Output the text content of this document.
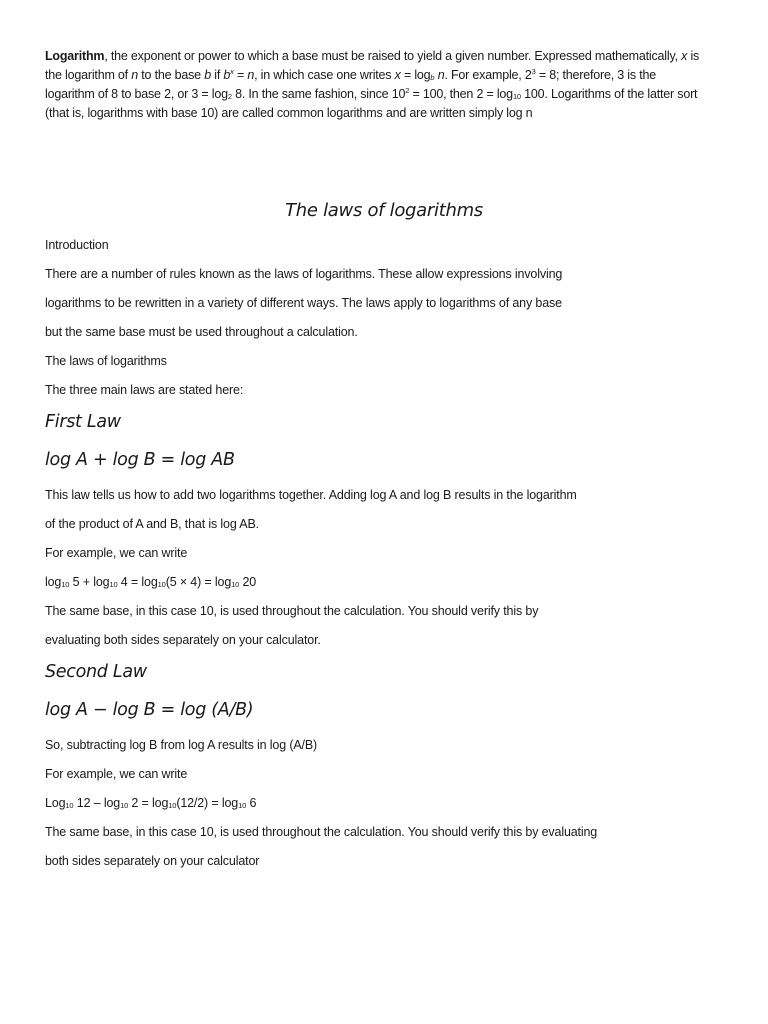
Logarithm, the exponent or power to which a base must be raised to yield a given number. Expressed mathematically, x is
the logarithm of n to the base b if $b^x = n$, in which case one writes $x = \log_b n$. For example, $2^3 = 8$; therefore, 3 is the
logarithm of 8 to base 2, or $3 = \log_2 8$. In the same fashion, since $10^2 = 100$, then $2 = \log_{10} 100$. Logarithms of the latter sort
(that is, logarithms with base 10) are called common logarithms and are written simply log n
The laws of logarithms
Introduction
There are a number of rules known as the laws of logarithms. These allow expressions involving
logarithms to be rewritten in a variety of different ways. The laws apply to logarithms of any base
but the same base must be used throughout a calculation.
The laws of logarithms
The three main laws are stated here:
First Law
log A + log B = log AB
This law tells us how to add two logarithms together. Adding log A and log B results in the logarithm
of the product of A and B, that is log AB.
For example, we can write
$\log_{10} 5 + \log_{10} 4 = \log_{10}(5 \times 4) = \log_{10} 20$
The same base, in this case 10, is used throughout the calculation. You should verify this by
evaluating both sides separately on your calculator.
Second Law
log A − log B = log (A/B)
So, subtracting log B from log A results in log (A/B)
For example, we can write
Log$_{10}$ $12 - \log_{10} 2 = \log_{10}(12/2) = \log_{10} 6$
The same base, in this case 10, is used throughout the calculation. You should verify this by evaluating
both sides separately on your calculator
